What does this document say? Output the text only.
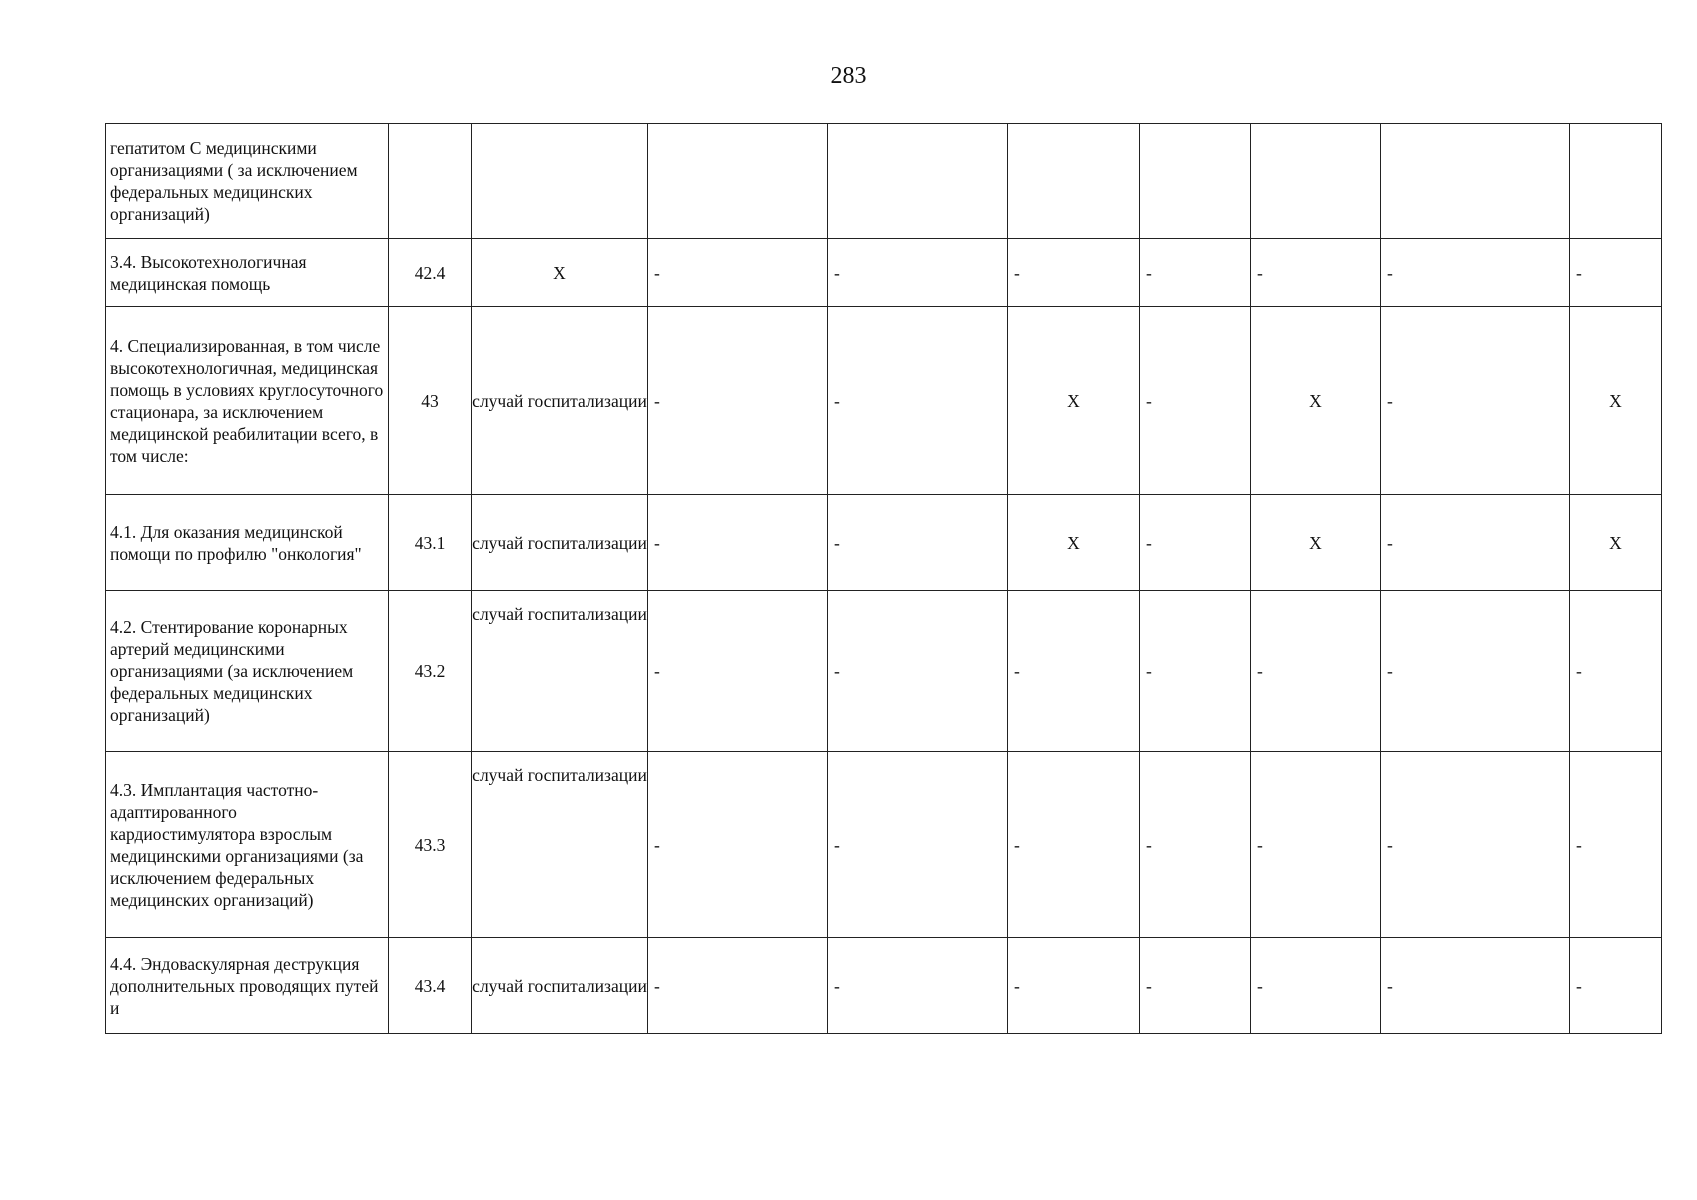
283
гепатитом С медицинскими организациями ( за исключением федеральных медицинских организаций)									
3.4. Высокотехнологичная медицинская помощь	42.4	X	-	-	-	-	-	-	-
4. Специализированная, в том числе высокотехнологичная, медицинская помощь в условиях круглосуточного стационара, за исключением медицинской реабилитации всего, в том числе:	43	случай госпитализации	-	-	X	-	X	-	X
4.1. Для оказания медицинской помощи по профилю "онкология"	43.1	случай госпитализации	-	-	X	-	X	-	X
4.2. Стентирование коронарных артерий медицинскими организациями (за исключением федеральных медицинских организаций)	43.2	случай госпитализации	-	-	-	-	-	-	-
4.3. Имплантация частотно-адаптированного кардиостимулятора взрослым медицинскими организациями (за исключением федеральных медицинских организаций)	43.3	случай госпитализации	-	-	-	-	-	-	-
4.4. Эндоваскулярная деструкция дополнительных проводящих путей и	43.4	случай госпитализации	-	-	-	-	-	-	-
